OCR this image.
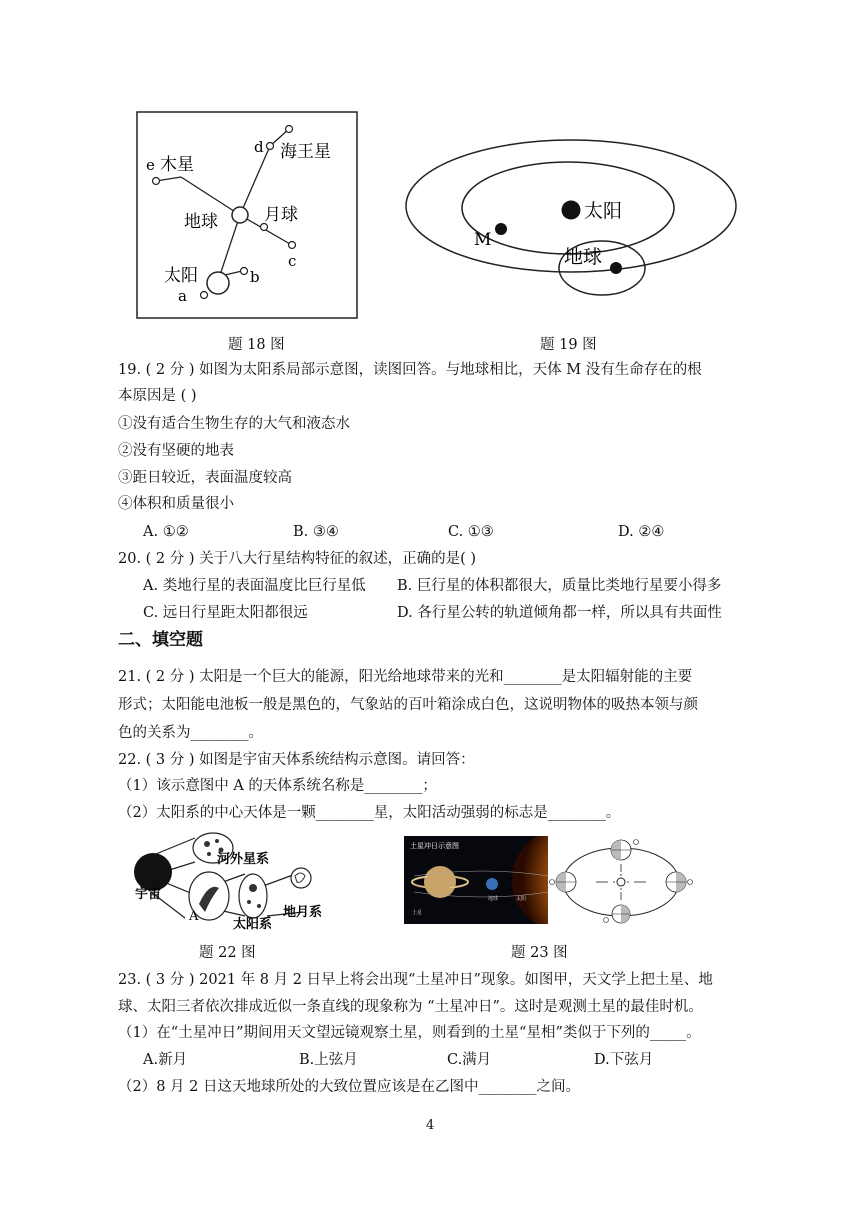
d 海王星
e 木星
地球	月球
c
太阳	b
a
太阳
M
地球
题 18 图	题 19 图
19. ( 2 分 ) 如图为太阳系局部示意图，读图回答。与地球相比，天体 M 没有生命存在的根
本原因是 ( )
①没有适合生物生存的大气和液态水
②没有坚硬的地表
③距日较近，表面温度较高
④体积和质量很小
A. ①②	B. ③④	C. ①③	D. ②④
20. ( 2 分 ) 关于八大行星结构特征的叙述，正确的是( )
A. 类地行星的表面温度比巨行星低 B. 巨行星的体积都很大，质量比类地行星要小得多
C. 远日行星距太阳都很远	D. 各行星公转的轨道倾角都一样，所以具有共面性
二、填空题
21. ( 2 分 ) 太阳是一个巨大的能源，阳光给地球带来的光和________是太阳辐射能的主要
形式；太阳能电池板一般是黑色的，气象站的百叶箱涂成白色，这说明物体的吸热本领与颜
色的关系为________。
22. ( 3 分 ) 如图是宇宙天体系统结构示意图。请回答：
（1）该示意图中 A 的天体系统名称是________；
（2）太阳系的中心天体是一颗________星，太阳活动强弱的标志是________。
河外星系
宇宙
A
太阳系
地月系
土星冲日示意图
土星
地球	太阳
题 22 图	题 23 图
23. ( 3 分 ) 2021 年 8 月 2 日早上将会出现“土星冲日”现象。如图甲，天文学上把土星、地
球、太阳三者依次排成近似一条直线的现象称为 “土星冲日”。这时是观测土星的最佳时机。
（1）在“土星冲日”期间用天文望远镜观察土星，则看到的土星“星相”类似于下列的_____。
A.新月	B.上弦月	C.满月	D.下弦月
（2）8 月 2 日这天地球所处的大致位置应该是在乙图中________之间。
4
